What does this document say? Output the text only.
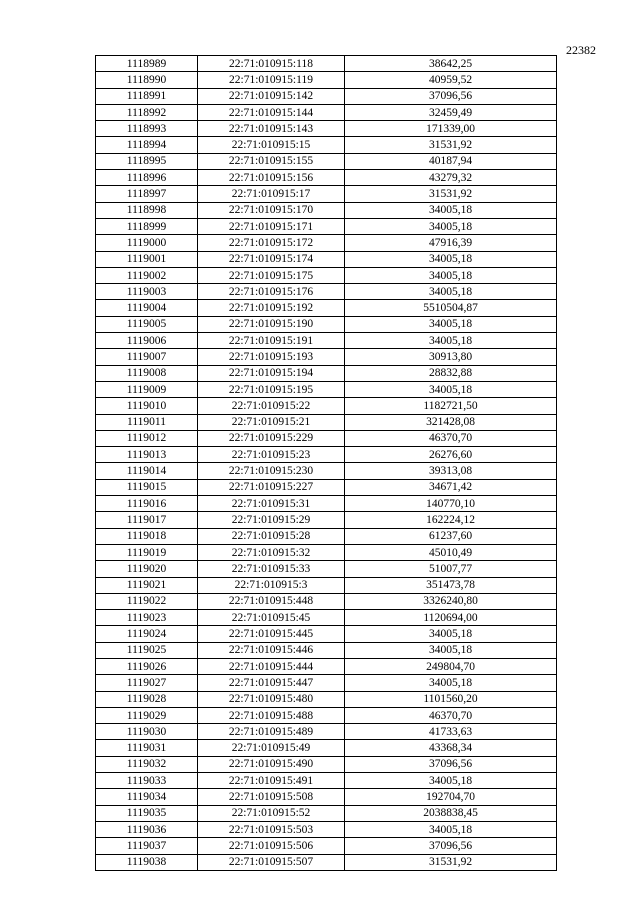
22382
1118989	22:71:010915:118	38642,25
1118990	22:71:010915:119	40959,52
1118991	22:71:010915:142	37096,56
1118992	22:71:010915:144	32459,49
1118993	22:71:010915:143	171339,00
1118994	22:71:010915:15	31531,92
1118995	22:71:010915:155	40187,94
1118996	22:71:010915:156	43279,32
1118997	22:71:010915:17	31531,92
1118998	22:71:010915:170	34005,18
1118999	22:71:010915:171	34005,18
1119000	22:71:010915:172	47916,39
1119001	22:71:010915:174	34005,18
1119002	22:71:010915:175	34005,18
1119003	22:71:010915:176	34005,18
1119004	22:71:010915:192	5510504,87
1119005	22:71:010915:190	34005,18
1119006	22:71:010915:191	34005,18
1119007	22:71:010915:193	30913,80
1119008	22:71:010915:194	28832,88
1119009	22:71:010915:195	34005,18
1119010	22:71:010915:22	1182721,50
1119011	22:71:010915:21	321428,08
1119012	22:71:010915:229	46370,70
1119013	22:71:010915:23	26276,60
1119014	22:71:010915:230	39313,08
1119015	22:71:010915:227	34671,42
1119016	22:71:010915:31	140770,10
1119017	22:71:010915:29	162224,12
1119018	22:71:010915:28	61237,60
1119019	22:71:010915:32	45010,49
1119020	22:71:010915:33	51007,77
1119021	22:71:010915:3	351473,78
1119022	22:71:010915:448	3326240,80
1119023	22:71:010915:45	1120694,00
1119024	22:71:010915:445	34005,18
1119025	22:71:010915:446	34005,18
1119026	22:71:010915:444	249804,70
1119027	22:71:010915:447	34005,18
1119028	22:71:010915:480	1101560,20
1119029	22:71:010915:488	46370,70
1119030	22:71:010915:489	41733,63
1119031	22:71:010915:49	43368,34
1119032	22:71:010915:490	37096,56
1119033	22:71:010915:491	34005,18
1119034	22:71:010915:508	192704,70
1119035	22:71:010915:52	2038838,45
1119036	22:71:010915:503	34005,18
1119037	22:71:010915:506	37096,56
1119038	22:71:010915:507	31531,92
